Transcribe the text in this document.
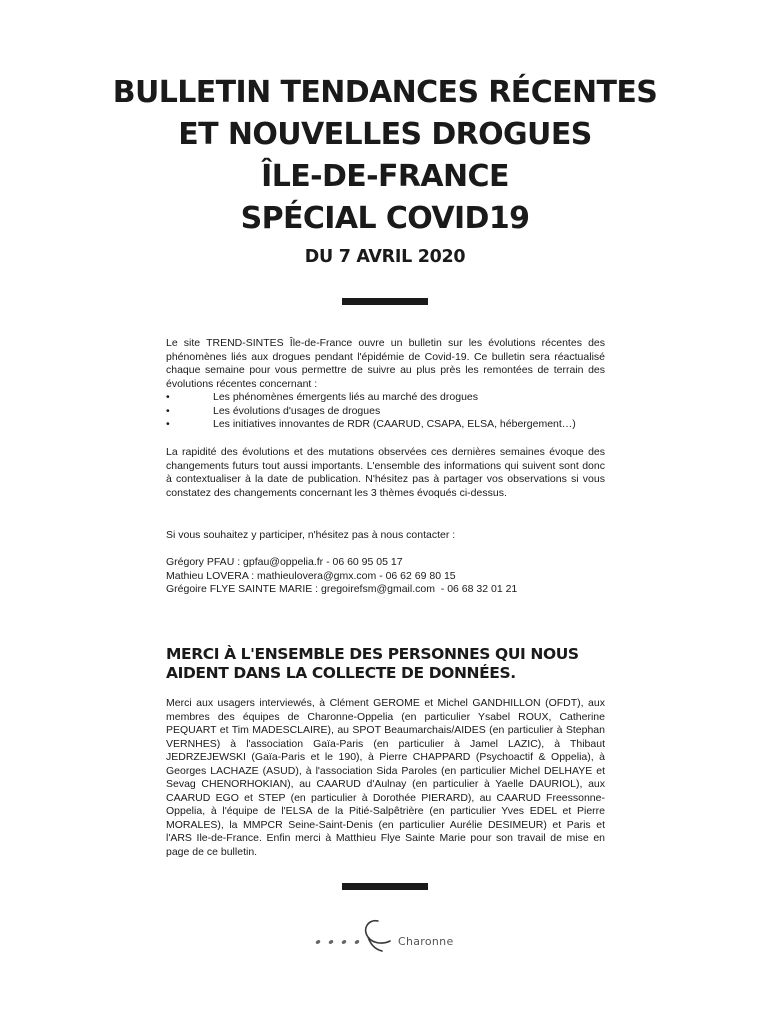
BULLETIN TENDANCES RÉCENTES
ET NOUVELLES DROGUES
ÎLE-DE-FRANCE
SPÉCIAL COVID19
DU 7 AVRIL 2020

Le site TREND-SINTES Île-de-France ouvre un bulletin sur les évolutions récentes des phénomènes liés aux drogues pendant l'épidémie de Covid-19. Ce bulletin sera réactualisé chaque semaine pour vous permettre de suivre au plus près les remontées de terrain des évolutions récentes concernant :

•	Les phénomènes émergents liés au marché des drogues
•	Les évolutions d'usages de drogues
•	Les initiatives innovantes de RDR (CAARUD, CSAPA, ELSA, hébergement…)

La rapidité des évolutions et des mutations observées ces dernières semaines évoque des changements futurs tout aussi importants. L'ensemble des informations qui suivent sont donc à contextualiser à la date de publication. N'hésitez pas à partager vos observations si vous constatez des changements concernant les 3 thèmes évoqués ci-dessus.

Si vous souhaitez y participer, n'hésitez pas à nous contacter :

Grégory PFAU : gpfau@oppelia.fr - 06 60 95 05 17
Mathieu LOVERA : mathieulovera@gmx.com - 06 62 69 80 15
Grégoire FLYE SAINTE MARIE : gregoirefsm@gmail.com  - 06 68 32 01 21
MERCI À L'ENSEMBLE DES PERSONNES QUI NOUS
AIDENT DANS LA COLLECTE DE DONNÉES.

Merci aux usagers interviewés, à Clément GEROME et Michel GANDHILLON (OFDT), aux membres des équipes de Charonne-Oppelia (en particulier Ysabel ROUX, Catherine PEQUART et Tim MADESCLAIRE), au SPOT Beaumarchais/AIDES (en particulier à Stephan VERNHES) à l'association Gaïa-Paris (en particulier à Jamel LAZIC), à Thibaut JEDRZEJEWSKI (Gaïa-Paris et le 190), à Pierre CHAPPARD (Psychoactif & Oppelia), à Georges LACHAZE (ASUD), à l'association Sida Paroles (en particulier Michel DELHAYE et Sevag CHENORHOKIAN), au CAARUD d'Aulnay (en particulier à Yaelle DAURIOL), aux CAARUD EGO et STEP (en particulier à Dorothée PIERARD), au CAARUD Freessonne-Oppelia, à l'équipe de l'ELSA de la Pitié-Salpêtrière (en particulier Yves EDEL et Pierre MORALES), la MMPCR Seine-Saint-Denis (en particulier Aurélie DESIMEUR) et Paris et l'ARS Ile-de-France. Enfin merci à Matthieu Flye Sainte Marie pour son travail de mise en page de ce bulletin.

Charonne
